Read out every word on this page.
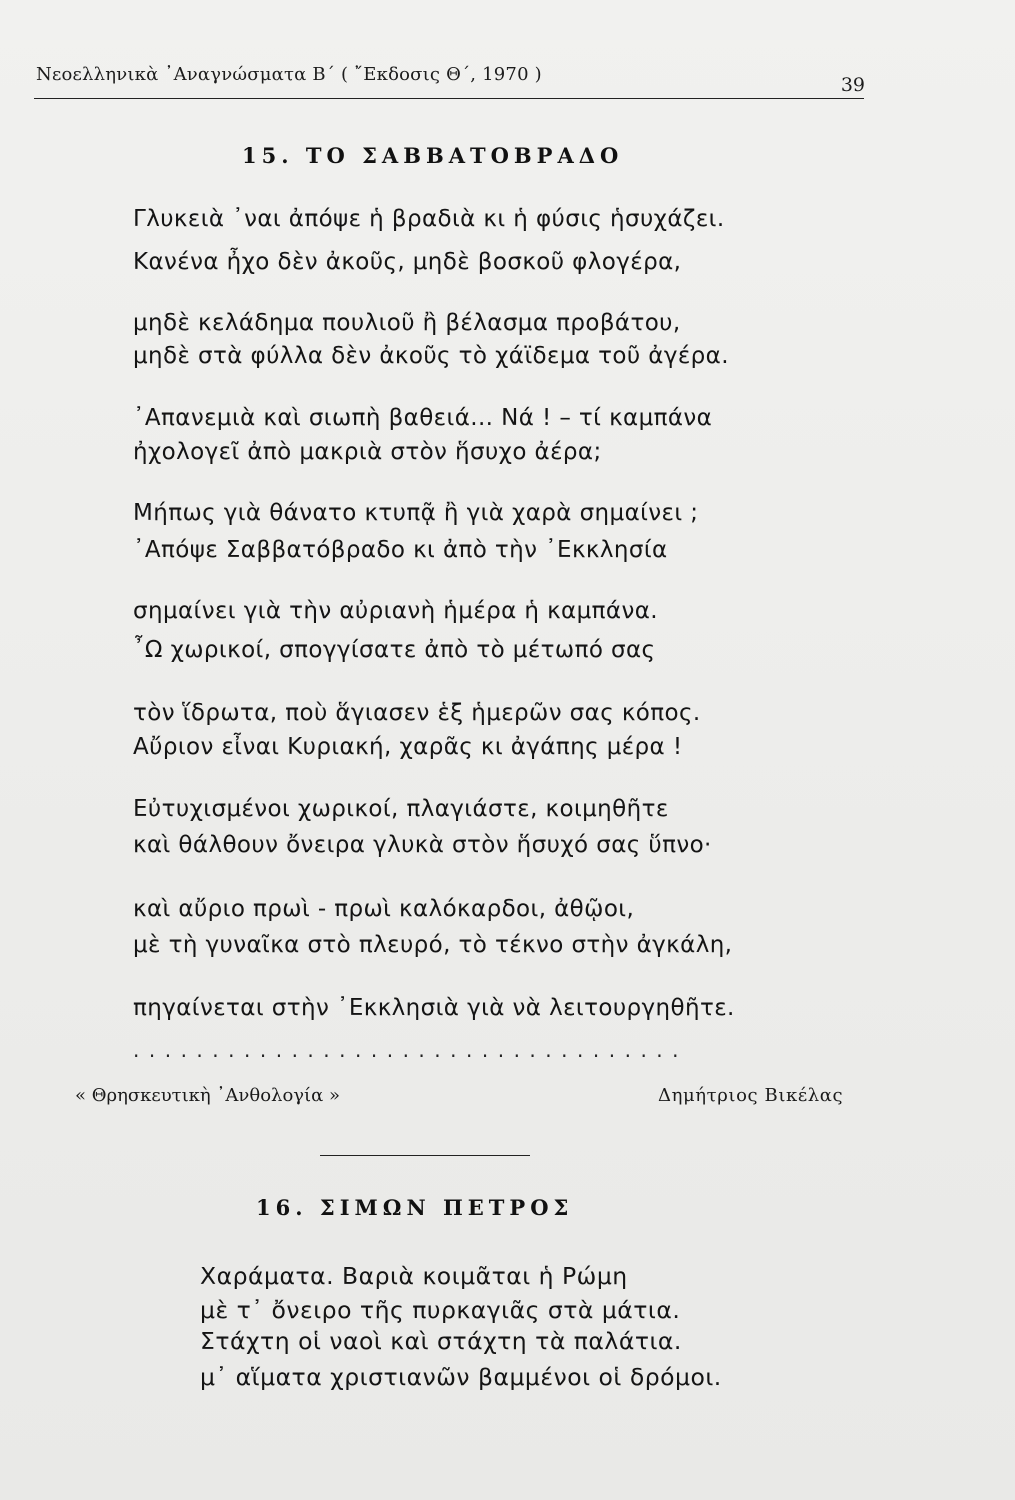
Νεοελληνικὰ ᾿Αναγνώσματα Β΄ ( ῎Εκδοσις Θ΄, 1970 )	39
15. ΤΟ ΣΑΒΒΑΤΟΒΡΑΔΟ
Γλυκειὰ ᾿ναι ἀπόψε ἡ βραδιὰ κι ἡ φύσις ἡσυχάζει.
Κανένα ἦχο δὲν ἀκοῦς, μηδὲ βοσκοῦ φλογέρα,
μηδὲ κελάδημα πουλιοῦ ἢ βέλασμα προβάτου,
μηδὲ στὰ φύλλα δὲν ἀκοῦς τὸ χάϊδεμα τοῦ ἀγέρα.
᾿Απανεμιὰ καὶ σιωπὴ βαθειά... Νά ! – τί καμπάνα
ἠχολογεῖ ἀπὸ μακριὰ στὸν ἥσυχο ἀέρα;
Μήπως γιὰ θάνατο κτυπᾷ ἢ γιὰ χαρὰ σημαίνει ;
᾿Απόψε Σαββατόβραδο κι ἀπὸ τὴν ᾿Εκκλησία
σημαίνει γιὰ τὴν αὐριανὴ ἡμέρα ἡ καμπάνα.
῏Ω χωρικοί, σπογγίσατε ἀπὸ τὸ μέτωπό σας
τὸν ἵδρωτα, ποὺ ἅγιασεν ἑξ ἡμερῶν σας κόπος.
Αὔριον εἶναι Κυριακή, χαρᾶς κι ἀγάπης μέρα !
Εὐτυχισμένοι χωρικοί, πλαγιάστε, κοιμηθῆτε
καὶ θάλθουν ὄνειρα γλυκὰ στὸν ἥσυχό σας ὕπνο·
καὶ αὔριο πρωὶ - πρωὶ καλόκαρδοι, ἀθῷοι,
μὲ τὴ γυναῖκα στὸ πλευρό, τὸ τέκνο στὴν ἀγκάλη,
πηγαίνεται στὴν ᾿Εκκλησιὰ γιὰ νὰ λειτουργηθῆτε.
...................................
« Θρησκευτικὴ ᾿Ανθολογία »	Δημήτριος Βικέλας
16. ΣΙΜΩΝ ΠΕΤΡΟΣ
Χαράματα. Βαριὰ κοιμᾶται ἡ Ρώμη
μὲ τ᾿ ὄνειρο τῆς πυρκαγιᾶς στὰ μάτια.
Στάχτη οἱ ναοὶ καὶ στάχτη τὰ παλάτια.
μ᾿ αἵματα χριστιανῶν βαμμένοι οἱ δρόμοι.
